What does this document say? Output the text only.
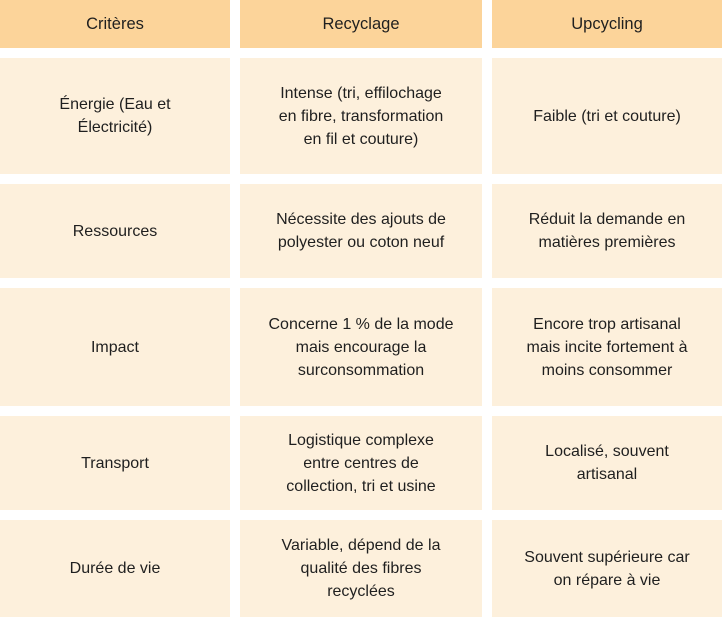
Critères	Recyclage	Upcycling
Énergie (Eau et
Électricité)
Intense (tri, effilochage
en fibre, transformation
en fil et couture)
Faible (tri et couture)
Ressources
Nécessite des ajouts de
polyester ou coton neuf
Réduit la demande en
matières premières
Impact
Concerne 1 % de la mode
mais encourage la
surconsommation
Encore trop artisanal
mais incite fortement à
moins consommer
Transport
Logistique complexe
entre centres de
collection, tri et usine
Localisé, souvent
artisanal
Durée de vie
Variable, dépend de la
qualité des fibres
recyclées
Souvent supérieure car
on répare à vie
